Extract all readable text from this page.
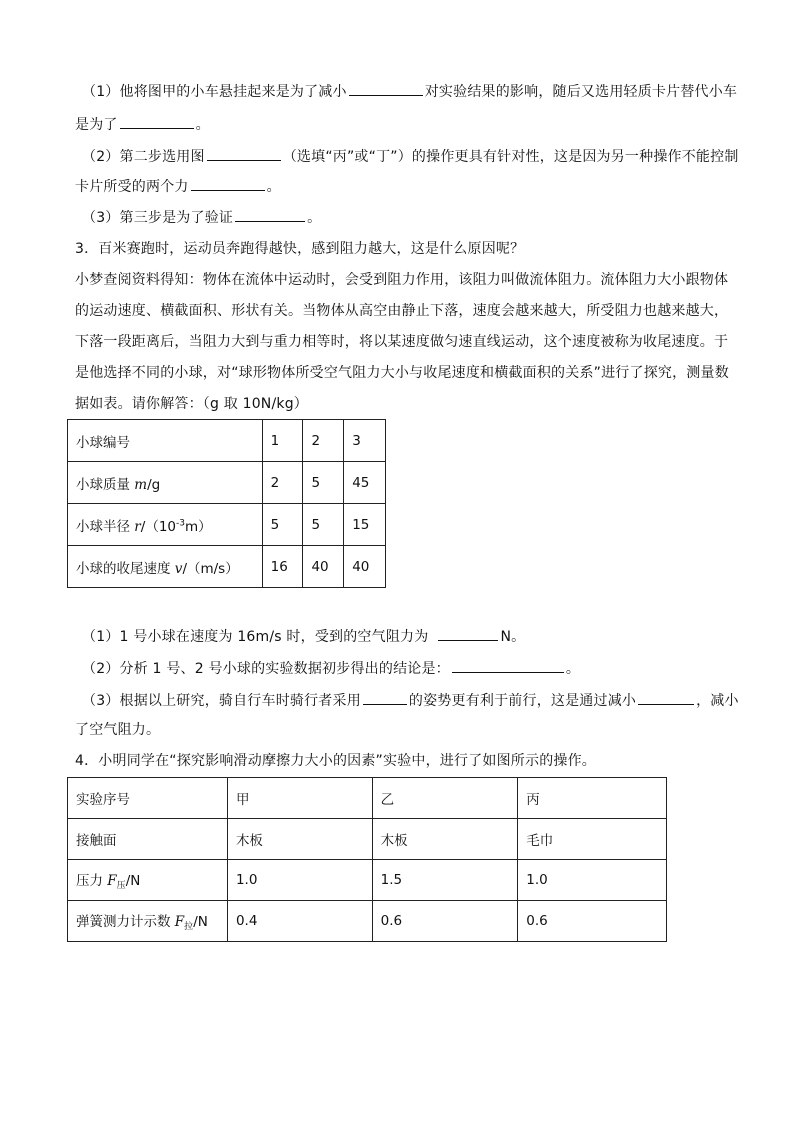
（1）他将图甲的小车悬挂起来是为了减小	对实验结果的影响，随后又选用轻质卡片替代小车
是为了	。
（2）第二步选用图	（选填“丙”或“丁”）的操作更具有针对性，这是因为另一种操作不能控制
卡片所受的两个力	。
（3）第三步是为了验证	。
3．百米赛跑时，运动员奔跑得越快，感到阻力越大，这是什么原因呢？
小梦查阅资料得知：物体在流体中运动时，会受到阻力作用，该阻力叫做流体阻力。流体阻力大小跟物体
的运动速度、横截面积、形状有关。当物体从高空由静止下落，速度会越来越大，所受阻力也越来越大，
下落一段距离后，当阻力大到与重力相等时，将以某速度做匀速直线运动，这个速度被称为收尾速度。于
是他选择不同的小球，对“球形物体所受空气阻力大小与收尾速度和横截面积的关系”进行了探究，测量数
据如表。请你解答：（g 取 10N/kg）
小球编号	1	2	3
小球质量 m/g	2	5	45
小球半径 $r/(10^{-3}m)$	5	5	15
小球的收尾速度 v/（m/s）	16	40	40
（1）1 号小球在速度为 16m/s 时，受到的空气阻力为	N。
（2）分析 1 号、2 号小球的实验数据初步得出的结论是：	。
（3）根据以上研究，骑自行车时骑行者采用	的姿势更有利于前行，这是通过减小	，减小
了空气阻力。
4．小明同学在“探究影响滑动摩擦力大小的因素”实验中，进行了如图所示的操作。
实验序号	甲	乙	丙
接触面	木板	木板	毛巾
压力 $F_压/N$	1.0	1.5	1.0
弹簧测力计示数 $F_拉/N$	0.4	0.6	0.6
